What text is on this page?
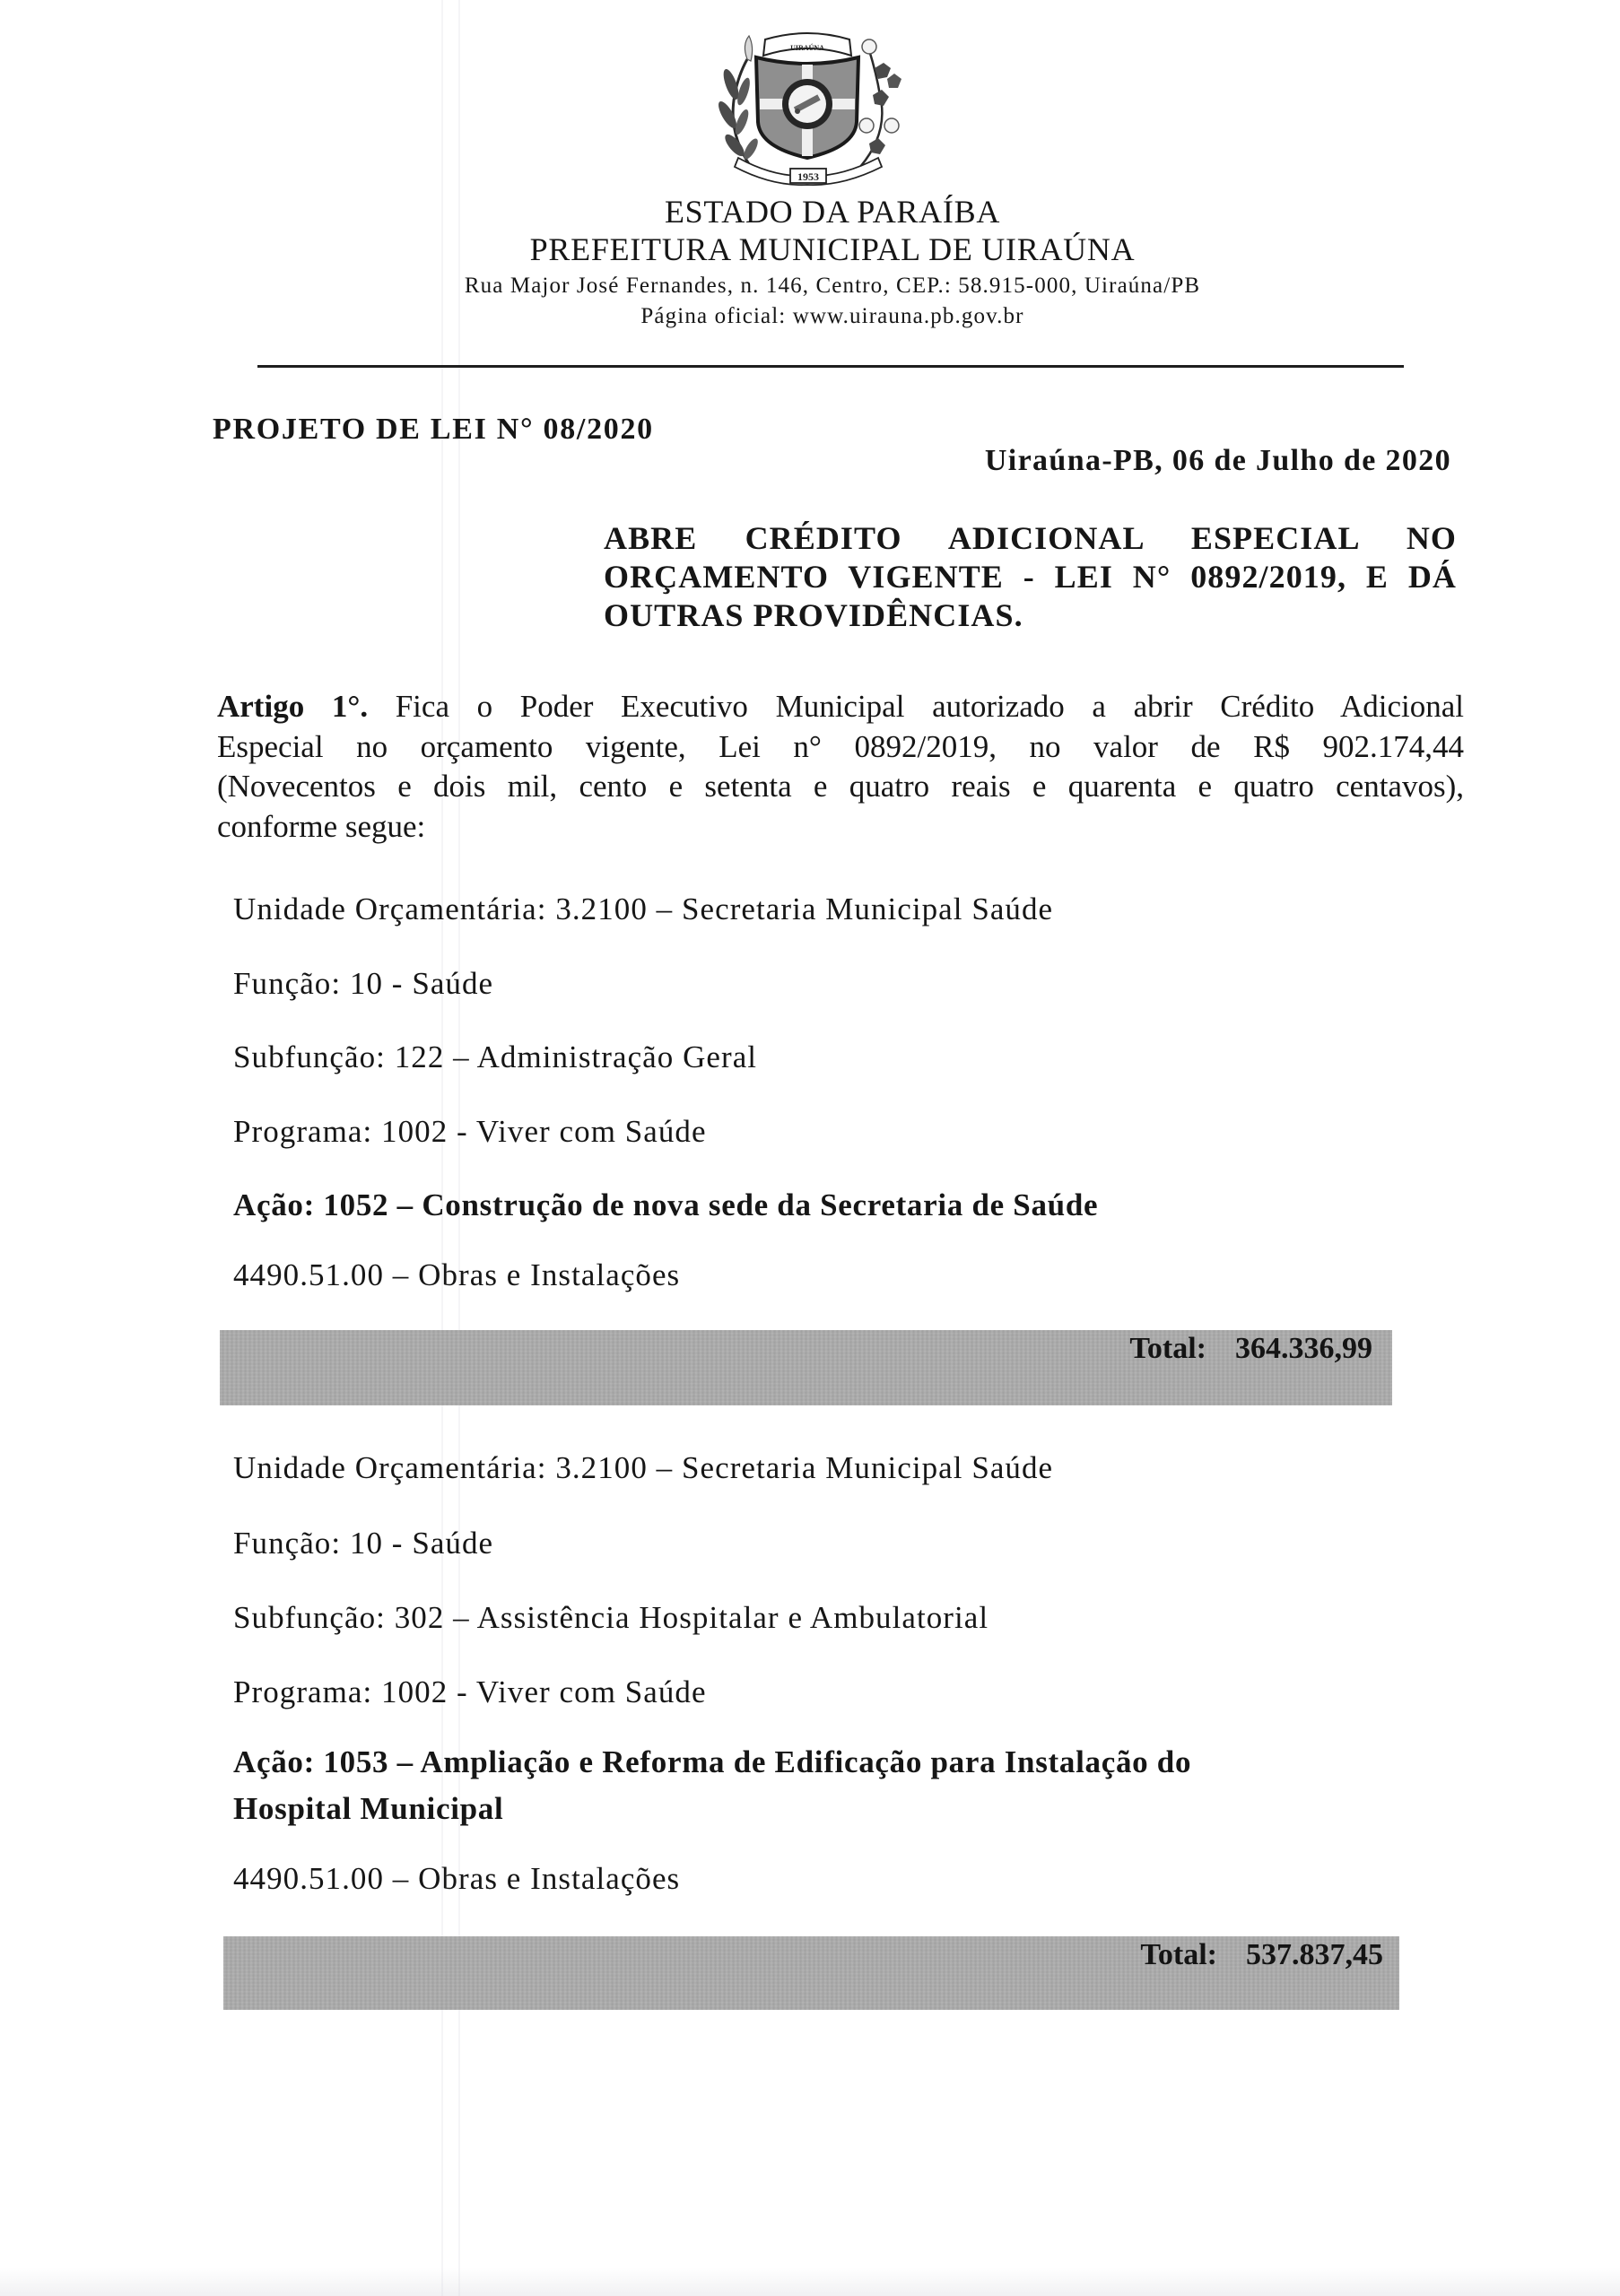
UIRAÚNA
1953
ESTADO DA PARAÍBA
PREFEITURA MUNICIPAL DE UIRAÚNA
Rua Major José Fernandes, n. 146, Centro, CEP.: 58.915-000, Uiraúna/PB
Página oficial: www.uirauna.pb.gov.br
PROJETO DE LEI N° 08/2020
Uiraúna-PB, 06 de Julho de 2020
ABRE CRÉDITO ADICIONAL ESPECIAL NO
ORÇAMENTO VIGENTE - LEI N° 0892/2019, E DÁ
OUTRAS PROVIDÊNCIAS.
Artigo 1°. Fica o Poder Executivo Municipal autorizado a abrir Crédito Adicional
Especial no orçamento vigente, Lei n° 0892/2019, no valor de R$ 902.174,44
(Novecentos e dois mil, cento e setenta e quatro reais e quarenta e quatro centavos),
conforme segue:
Unidade Orçamentária: 3.2100 – Secretaria Municipal Saúde
Função: 10 - Saúde
Subfunção: 122 – Administração Geral
Programa: 1002 - Viver com Saúde
Ação: 1052 – Construção de nova sede da Secretaria de Saúde
4490.51.00 – Obras e Instalações
Total: 364.336,99
Unidade Orçamentária: 3.2100 – Secretaria Municipal Saúde
Função: 10 - Saúde
Subfunção: 302 – Assistência Hospitalar e Ambulatorial
Programa: 1002 - Viver com Saúde
Ação: 1053 – Ampliação e Reforma de Edificação para Instalação do
Hospital Municipal
4490.51.00 – Obras e Instalações
Total: 537.837,45
